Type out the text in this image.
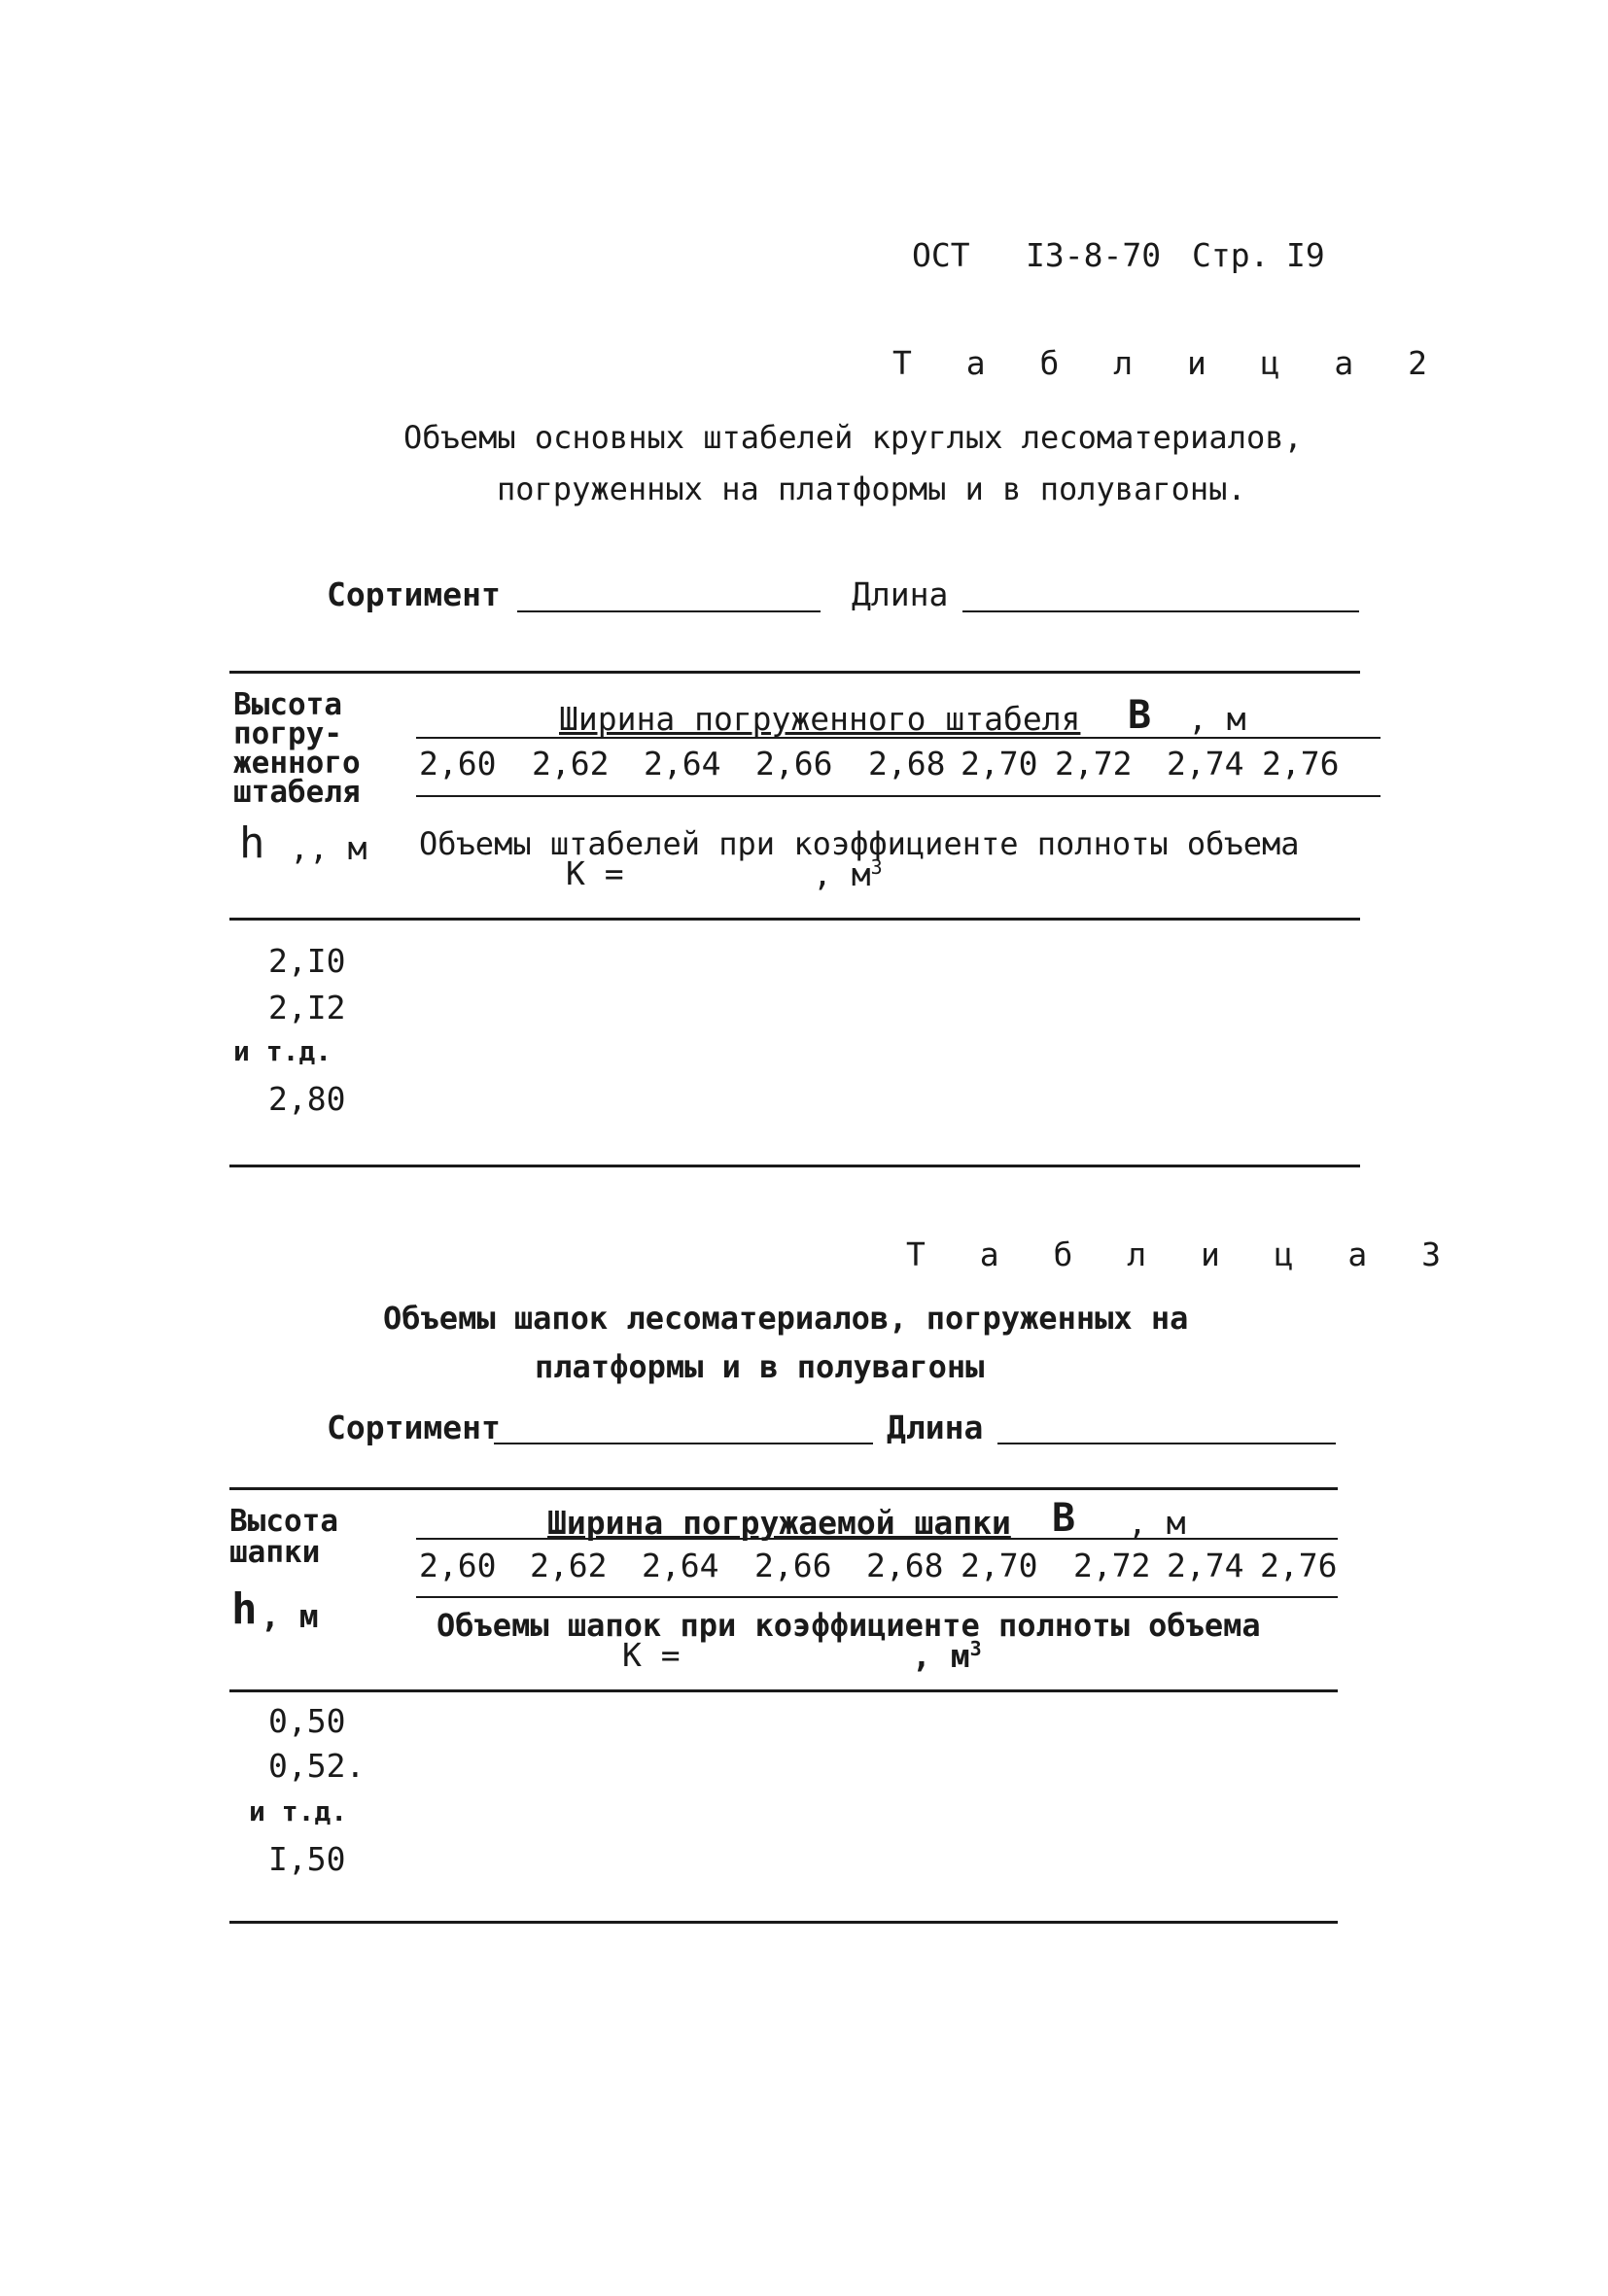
ОСТ I3-8-70 Стр. I9
Т а б л и ц а 2
Объемы основных штабелей круглых лесоматериалов,
погруженных на платформы и в полувагоны.
Сортимент	Длина
Высота
погру-
женного
штабеля
h ,, м
Ширина погруженного штабеля B , м
2,60 2,62 2,64 2,66 2,68 2,70 2,72 2,74 2,76
Объемы штабелей при коэффициенте полноты объема
К =	, $м^3$
2,I0
2,I2
и т.д.
2,80
Т а б л и ц а 3
Объемы шапок лесоматериалов, погруженных на
платформы и в полувагоны
Сортимент	Длина
Высота
шапки
h , м
Ширина погружаемой шапки B , м
2,60 2,62 2,64 2,66 2,68 2,70 2,72 2,74 2,76
Объемы шапок при коэффициенте полноты объема
К =	, $м^3$
0,50
0,52.
и т.д.
I,50
